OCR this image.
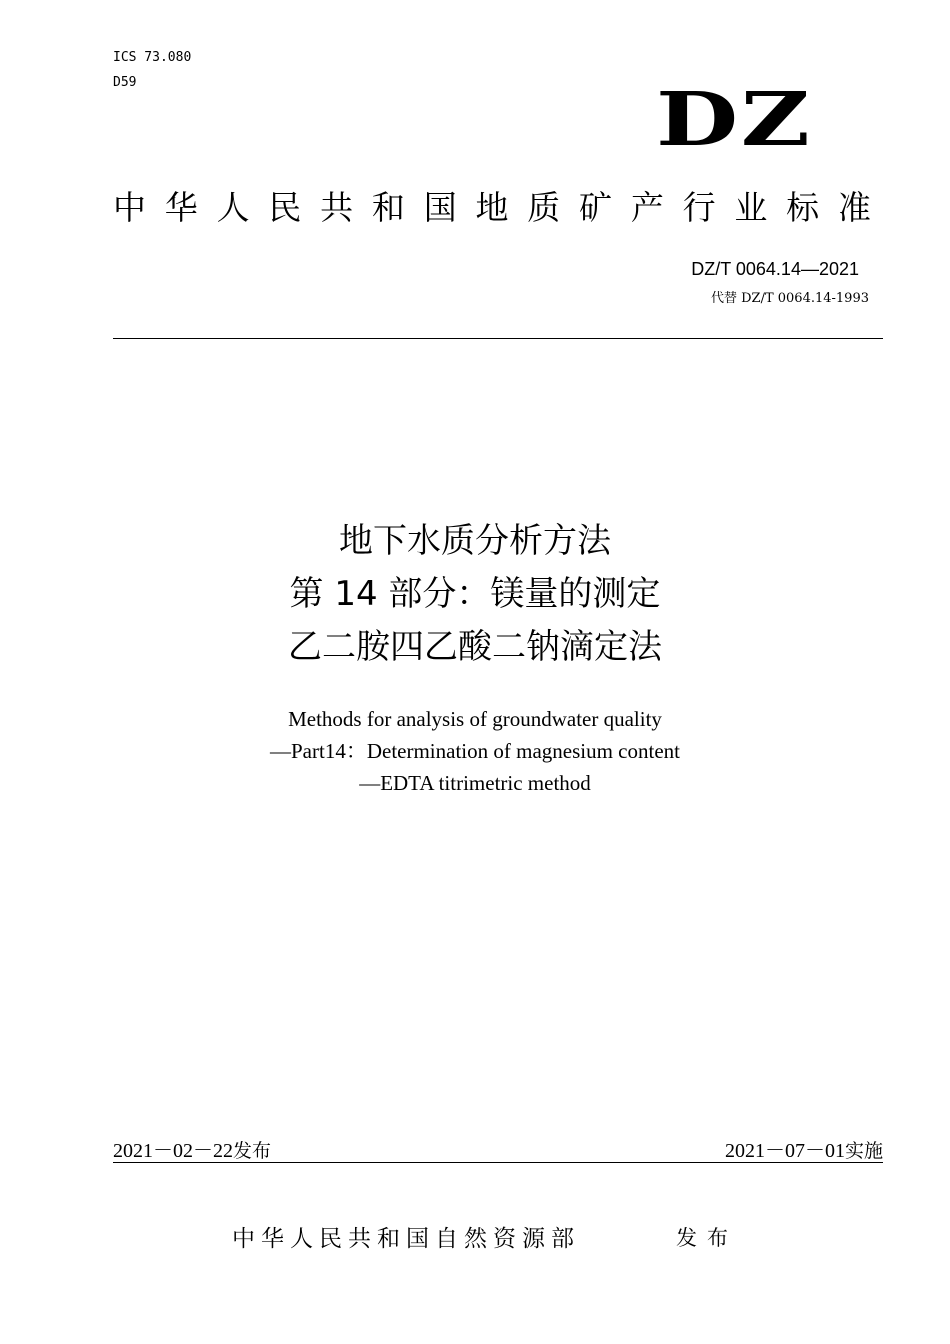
ICS 73.080
D59	DZ
中 华 人 民 共 和 国 地 质 矿 产 行 业 标 准
DZ/T 0064.14—2021
代替 DZ/T 0064.14-1993
地下水质分析方法
第 14 部分：镁量的测定
乙二胺四乙酸二钠滴定法
Methods for analysis of groundwater quality
—Part14：Determination of magnesium content
—EDTA titrimetric method
2021－02－22发布	2021－07－01实施
中华人民共和国自然资源部	发布
